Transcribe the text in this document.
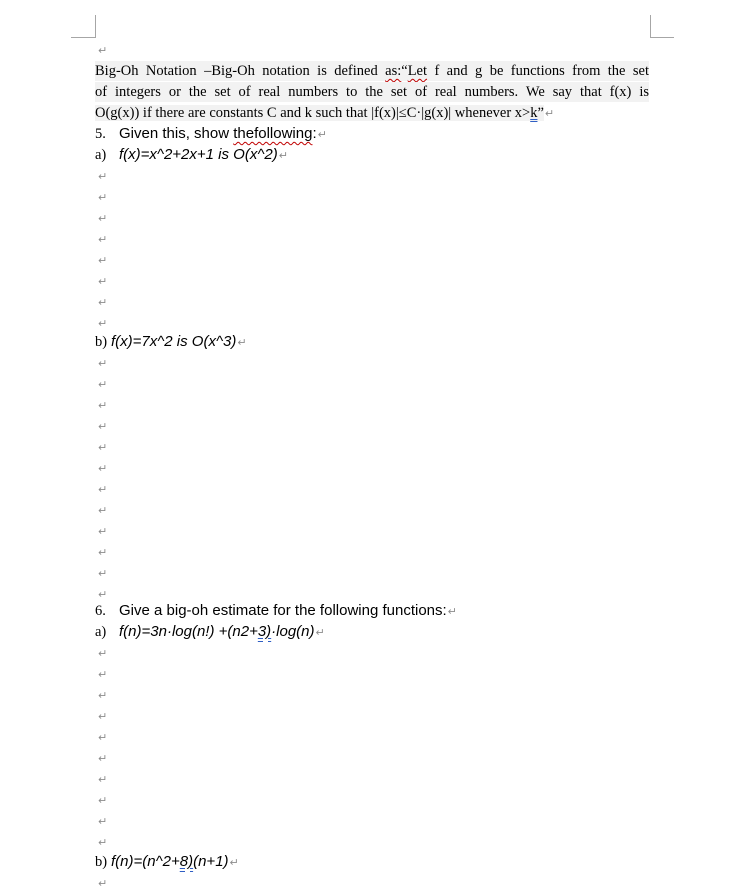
↵
Big-Oh Notation –Big-Oh notation is defined as:“Let f and g be functions from the set
of integers or the set of real numbers to the set of real numbers. We say that f(x) is
O(g(x)) if there are constants C and k such that |f(x)|≤C·|g(x)| whenever x>k”↵
5. Given this, show thefollowing:↵
a) f(x)=x^2+2x+1 is O(x^2)↵
↵
↵
↵
↵
↵
↵
↵
↵
b) f(x)=7x^2 is O(x^3)↵
↵
↵
↵
↵
↵
↵
↵
↵
↵
↵
↵
↵
6. Give a big-oh estimate for the following functions:↵
a) f(n)=3n·log(n!) +(n2+3)·log(n)↵
↵
↵
↵
↵
↵
↵
↵
↵
↵
↵
b) f(n)=(n^2+8)(n+1)↵
↵
